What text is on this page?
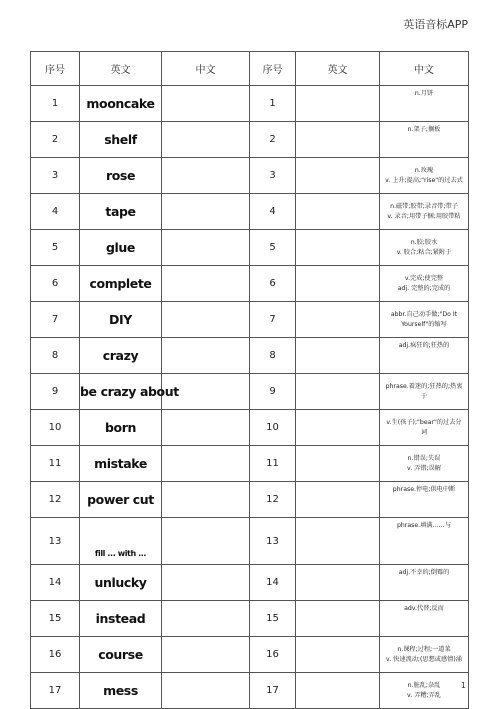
英语音标APP
序号	英文	中文	序号	英文	中文
1	mooncake		1		n.月饼
2	shelf		2		n.架子;搁板
3	rose		3		n.玫瑰
v. 上升;提高;"rise"的过去式
4	tape		4		n.磁带;胶带;录音带;带子
v. 录音;用带子捆;用胶带粘
5	glue		5		n.胶;胶水
v. 胶合;粘合;紧附于
6	complete		6		v.完成;使完整
adj. 完整的;完成的
7	DIY		7		abbr.自己动手做;"Do It
Yourself"的缩写
8	crazy		8		adj.疯狂的;狂热的
9	be crazy about		9		phrase.着迷的;狂热的;热衷
于
10	born		10		v.生(孩子);"bear"的过去分
词
11	mistake		11		n.错误;失误
v. 弄错;误解
12	power cut		12		phrase.停电;供电中断
13	fill ... with ...		13		phrase.填满……与
14	unlucky		14		adj.不幸的;倒霉的
15	instead		15		adv.代替;反而
16	course		16		n.课程;过程;一道菜
v. 快速流动;(思想或感情)涌
17	mess		17		n.脏乱;杂乱
v. 弄糟;弄乱
1
